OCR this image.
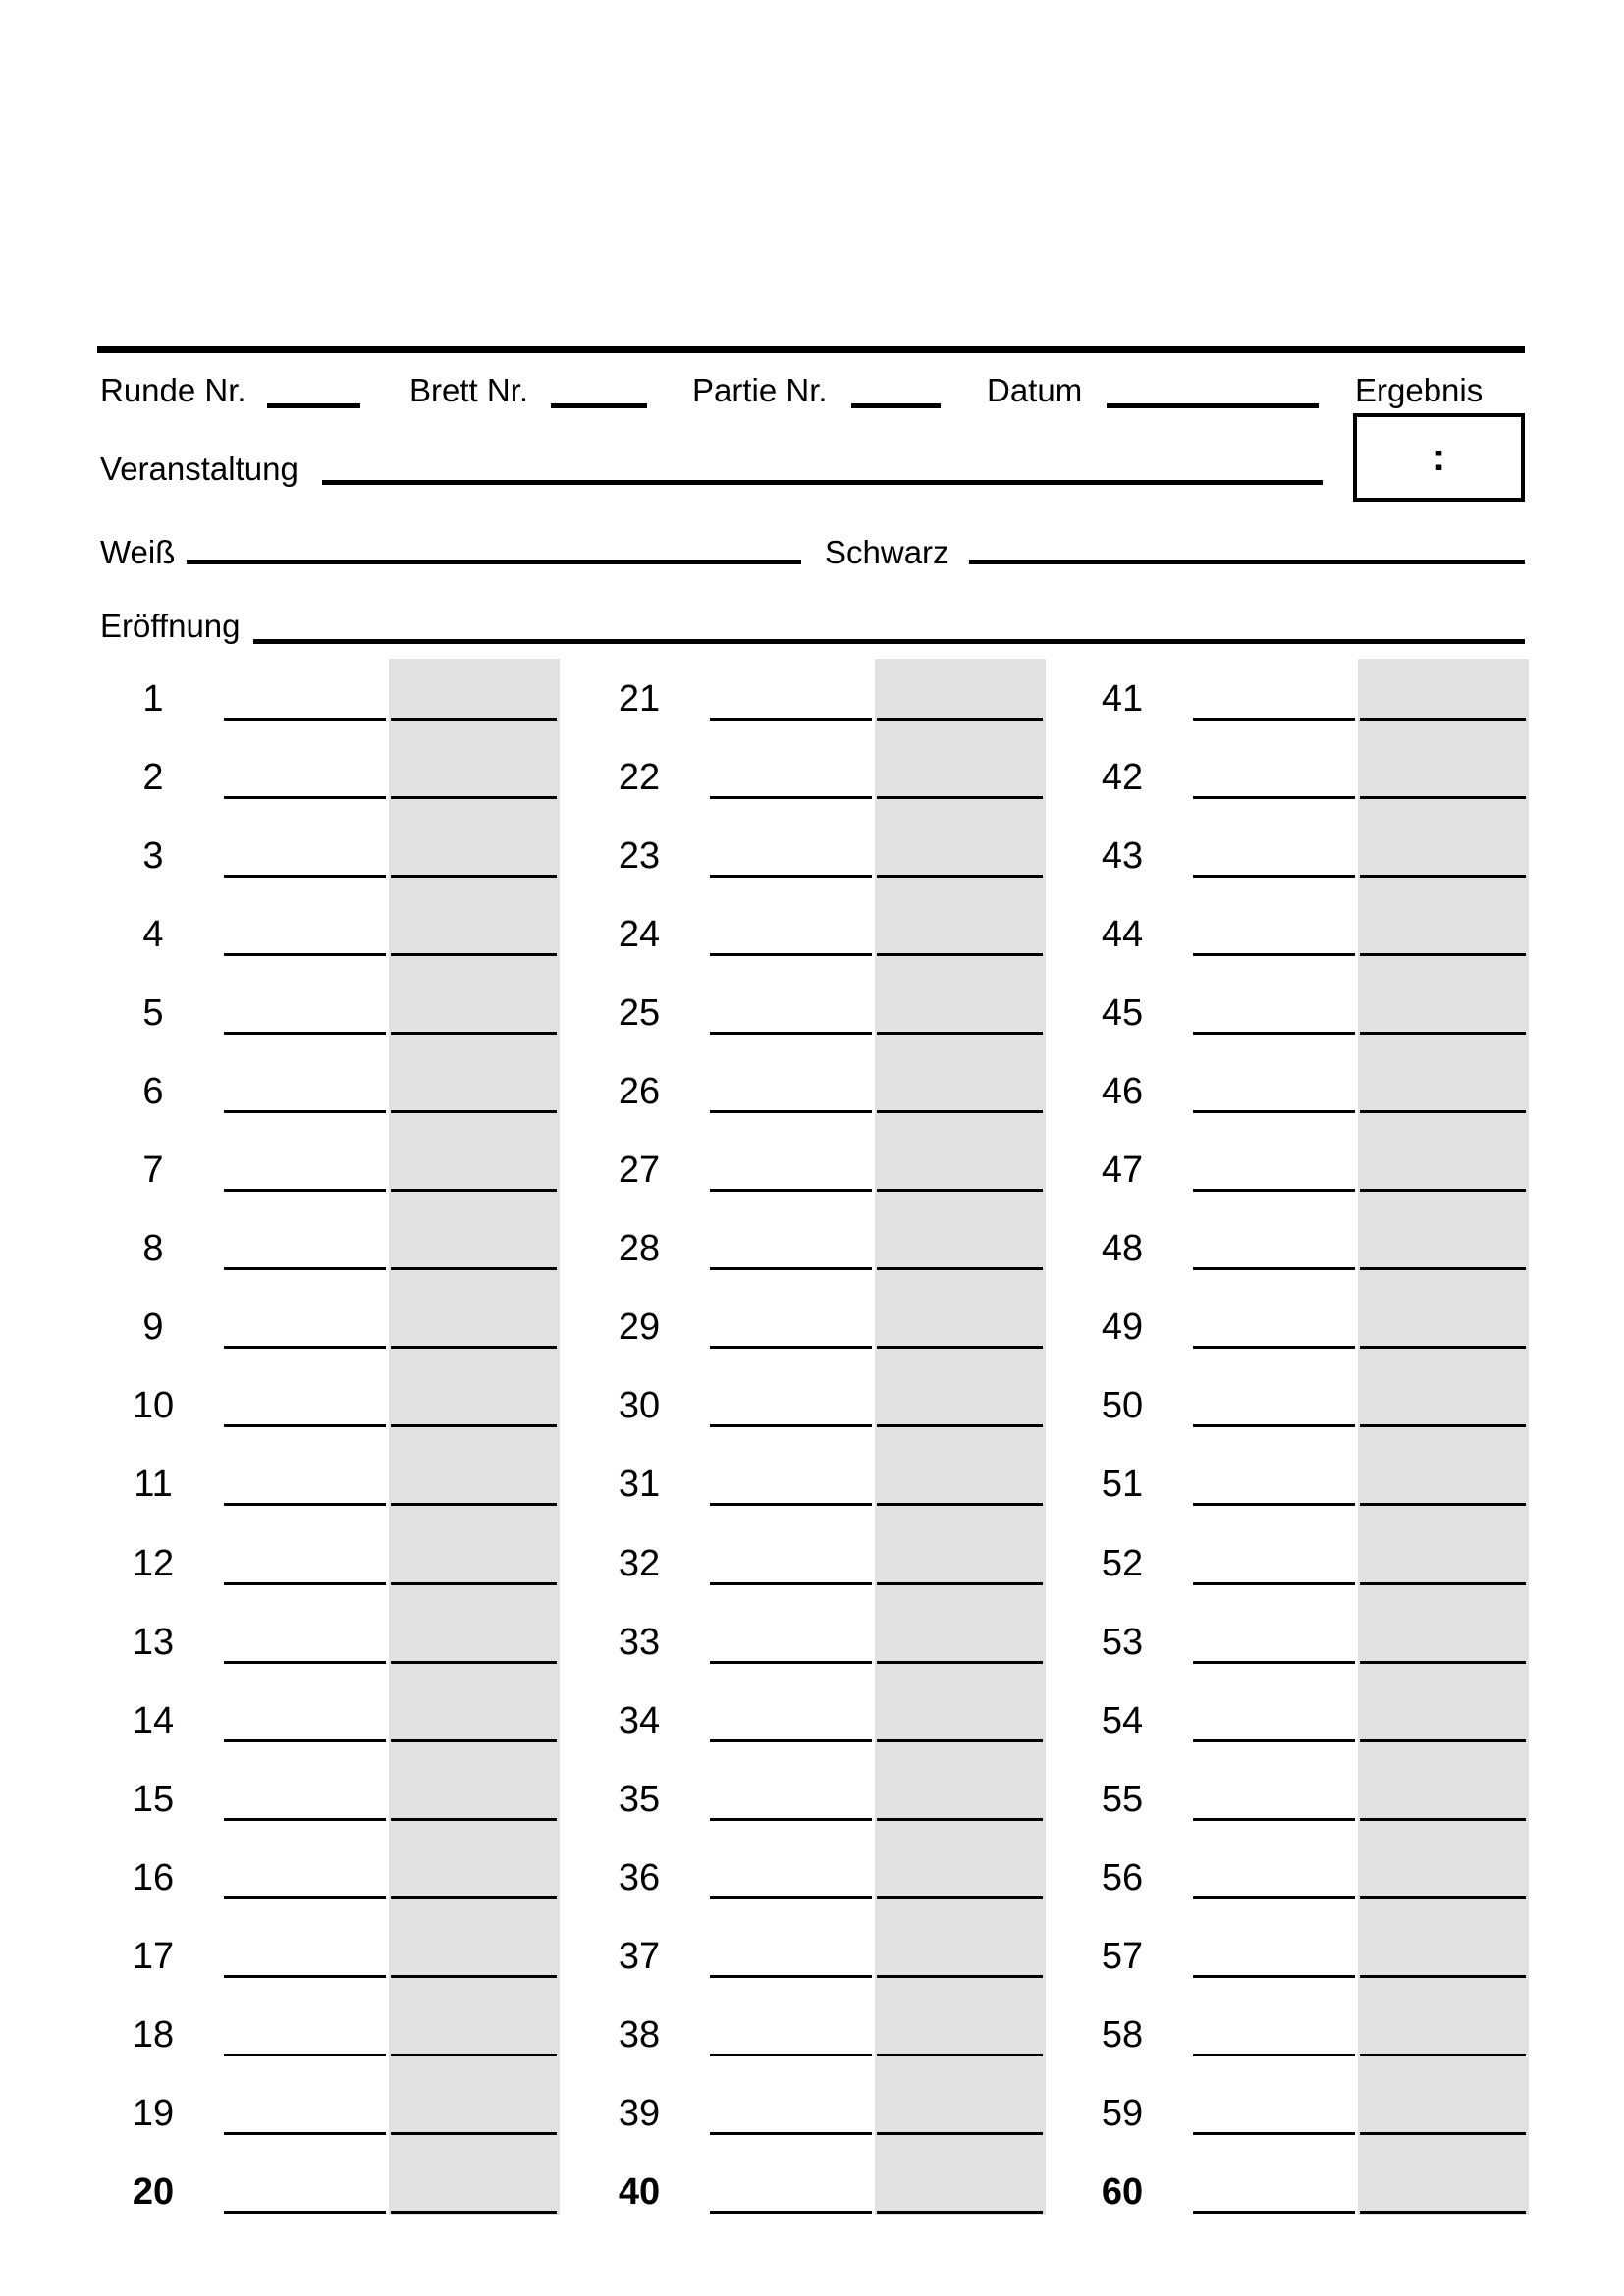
Runde Nr.	Brett Nr.	Partie Nr.	Datum	Ergebnis
:
Veranstaltung
Weiß	Schwarz
Eröffnung
1
2
3
4
5
6
7
8
9
10
11
12
13
14
15
16
17
18
19
20
21
22
23
24
25
26
27
28
29
30
31
32
33
34
35
36
37
38
39
40
41
42
43
44
45
46
47
48
49
50
51
52
53
54
55
56
57
58
59
60
